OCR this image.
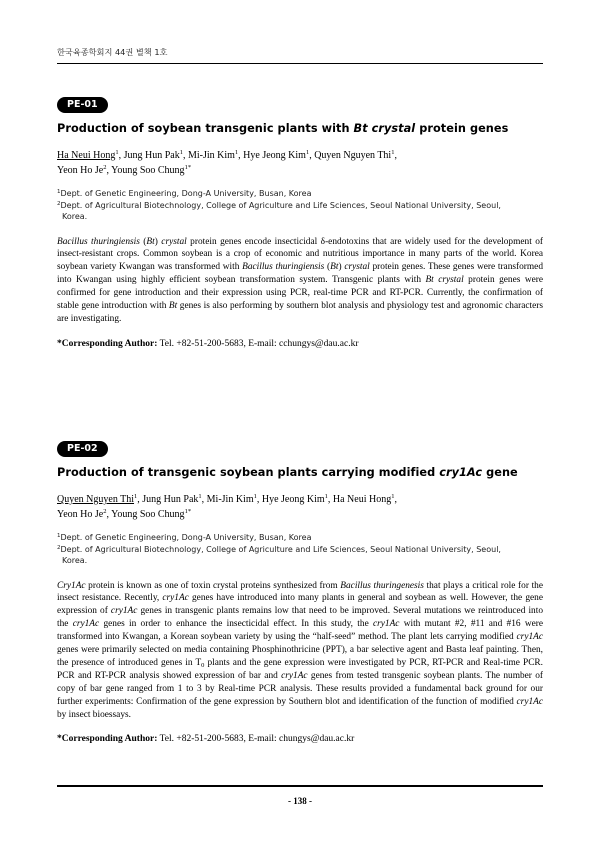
한국육종학회지 44권 별책 1호
PE-01
Production of soybean transgenic plants with Bt crystal protein genes
Ha Neui Hong$^1$, Jung Hun Pak$^1$, Mi-Jin Kim$^1$, Hye Jeong Kim$^1$, Quyen Nguyen Thi$^1$,
Yeon Ho Je$^2$, Young Soo Chung$^{1*}$
$^1$Dept. of Genetic Engineering, Dong-A University, Busan, Korea
$^2$Dept. of Agricultural Biotechnology, College of Agriculture and Life Sciences, Seoul National University, Seoul,
Korea.
Bacillus thuringiensis (Bt) crystal protein genes encode insecticidal δ-endotoxins that are widely used for the development of insect-resistant crops. Common soybean is a crop of economic and nutritious importance in many parts of the world. Korea soybean variety Kwangan was transformed with Bacillus thuringiensis (Bt) crystal protein genes. These genes were transformed into Kwangan using highly efficient soybean transformation system. Transgenic plants with Bt crystal protein genes were confirmed for gene introduction and their expression using PCR, real-time PCR and RT-PCR. Currently, the confirmation of stable gene introduction with Bt genes is also performing by southern blot analysis and physiology test and agronomic characters are investigating.
*Corresponding Author: Tel. +82-51-200-5683, E-mail: cchungys@dau.ac.kr
PE-02
Production of transgenic soybean plants carrying modified cry1Ac gene
Quyen Nguyen Thi$^1$, Jung Hun Pak$^1$, Mi-Jin Kim$^1$, Hye Jeong Kim$^1$, Ha Neui Hong$^1$,
Yeon Ho Je$^2$, Young Soo Chung$^{1*}$
$^1$Dept. of Genetic Engineering, Dong-A University, Busan, Korea
$^2$Dept. of Agricultural Biotechnology, College of Agriculture and Life Sciences, Seoul National University, Seoul,
Korea.
Cry1Ac protein is known as one of toxin crystal proteins synthesized from Bacillus thuringenesis that plays a critical role for the insect resistance. Recently, cry1Ac genes have introduced into many plants in general and soybean as well. However, the gene expression of cry1Ac genes in transgenic plants remains low that need to be improved. Several mutations we reintroduced into the cry1Ac genes in order to enhance the insecticidal effect. In this study, the cry1Ac with mutant #2, #11 and #16 were transformed into Kwangan, a Korean soybean variety by using the “half-seed” method. The plant lets carrying modified cry1Ac genes were primarily selected on media containing Phosphinothricine (PPT), a bar selective agent and Basta leaf painting. Then, the presence of introduced genes in $T_0$ plants and the gene expression were investigated by PCR, RT-PCR and Real-time PCR. PCR and RT-PCR analysis showed expression of bar and cry1Ac genes from tested transgenic soybean plants. The number of copy of bar gene ranged from 1 to 3 by Real-time PCR analysis. These results provided a fundamental back ground for our further experiments: Confirmation of the gene expression by Southern blot and identification of the function of modified cry1Ac by insect bioessays.
*Corresponding Author: Tel. +82-51-200-5683, E-mail: chungys@dau.ac.kr
- 138 -
